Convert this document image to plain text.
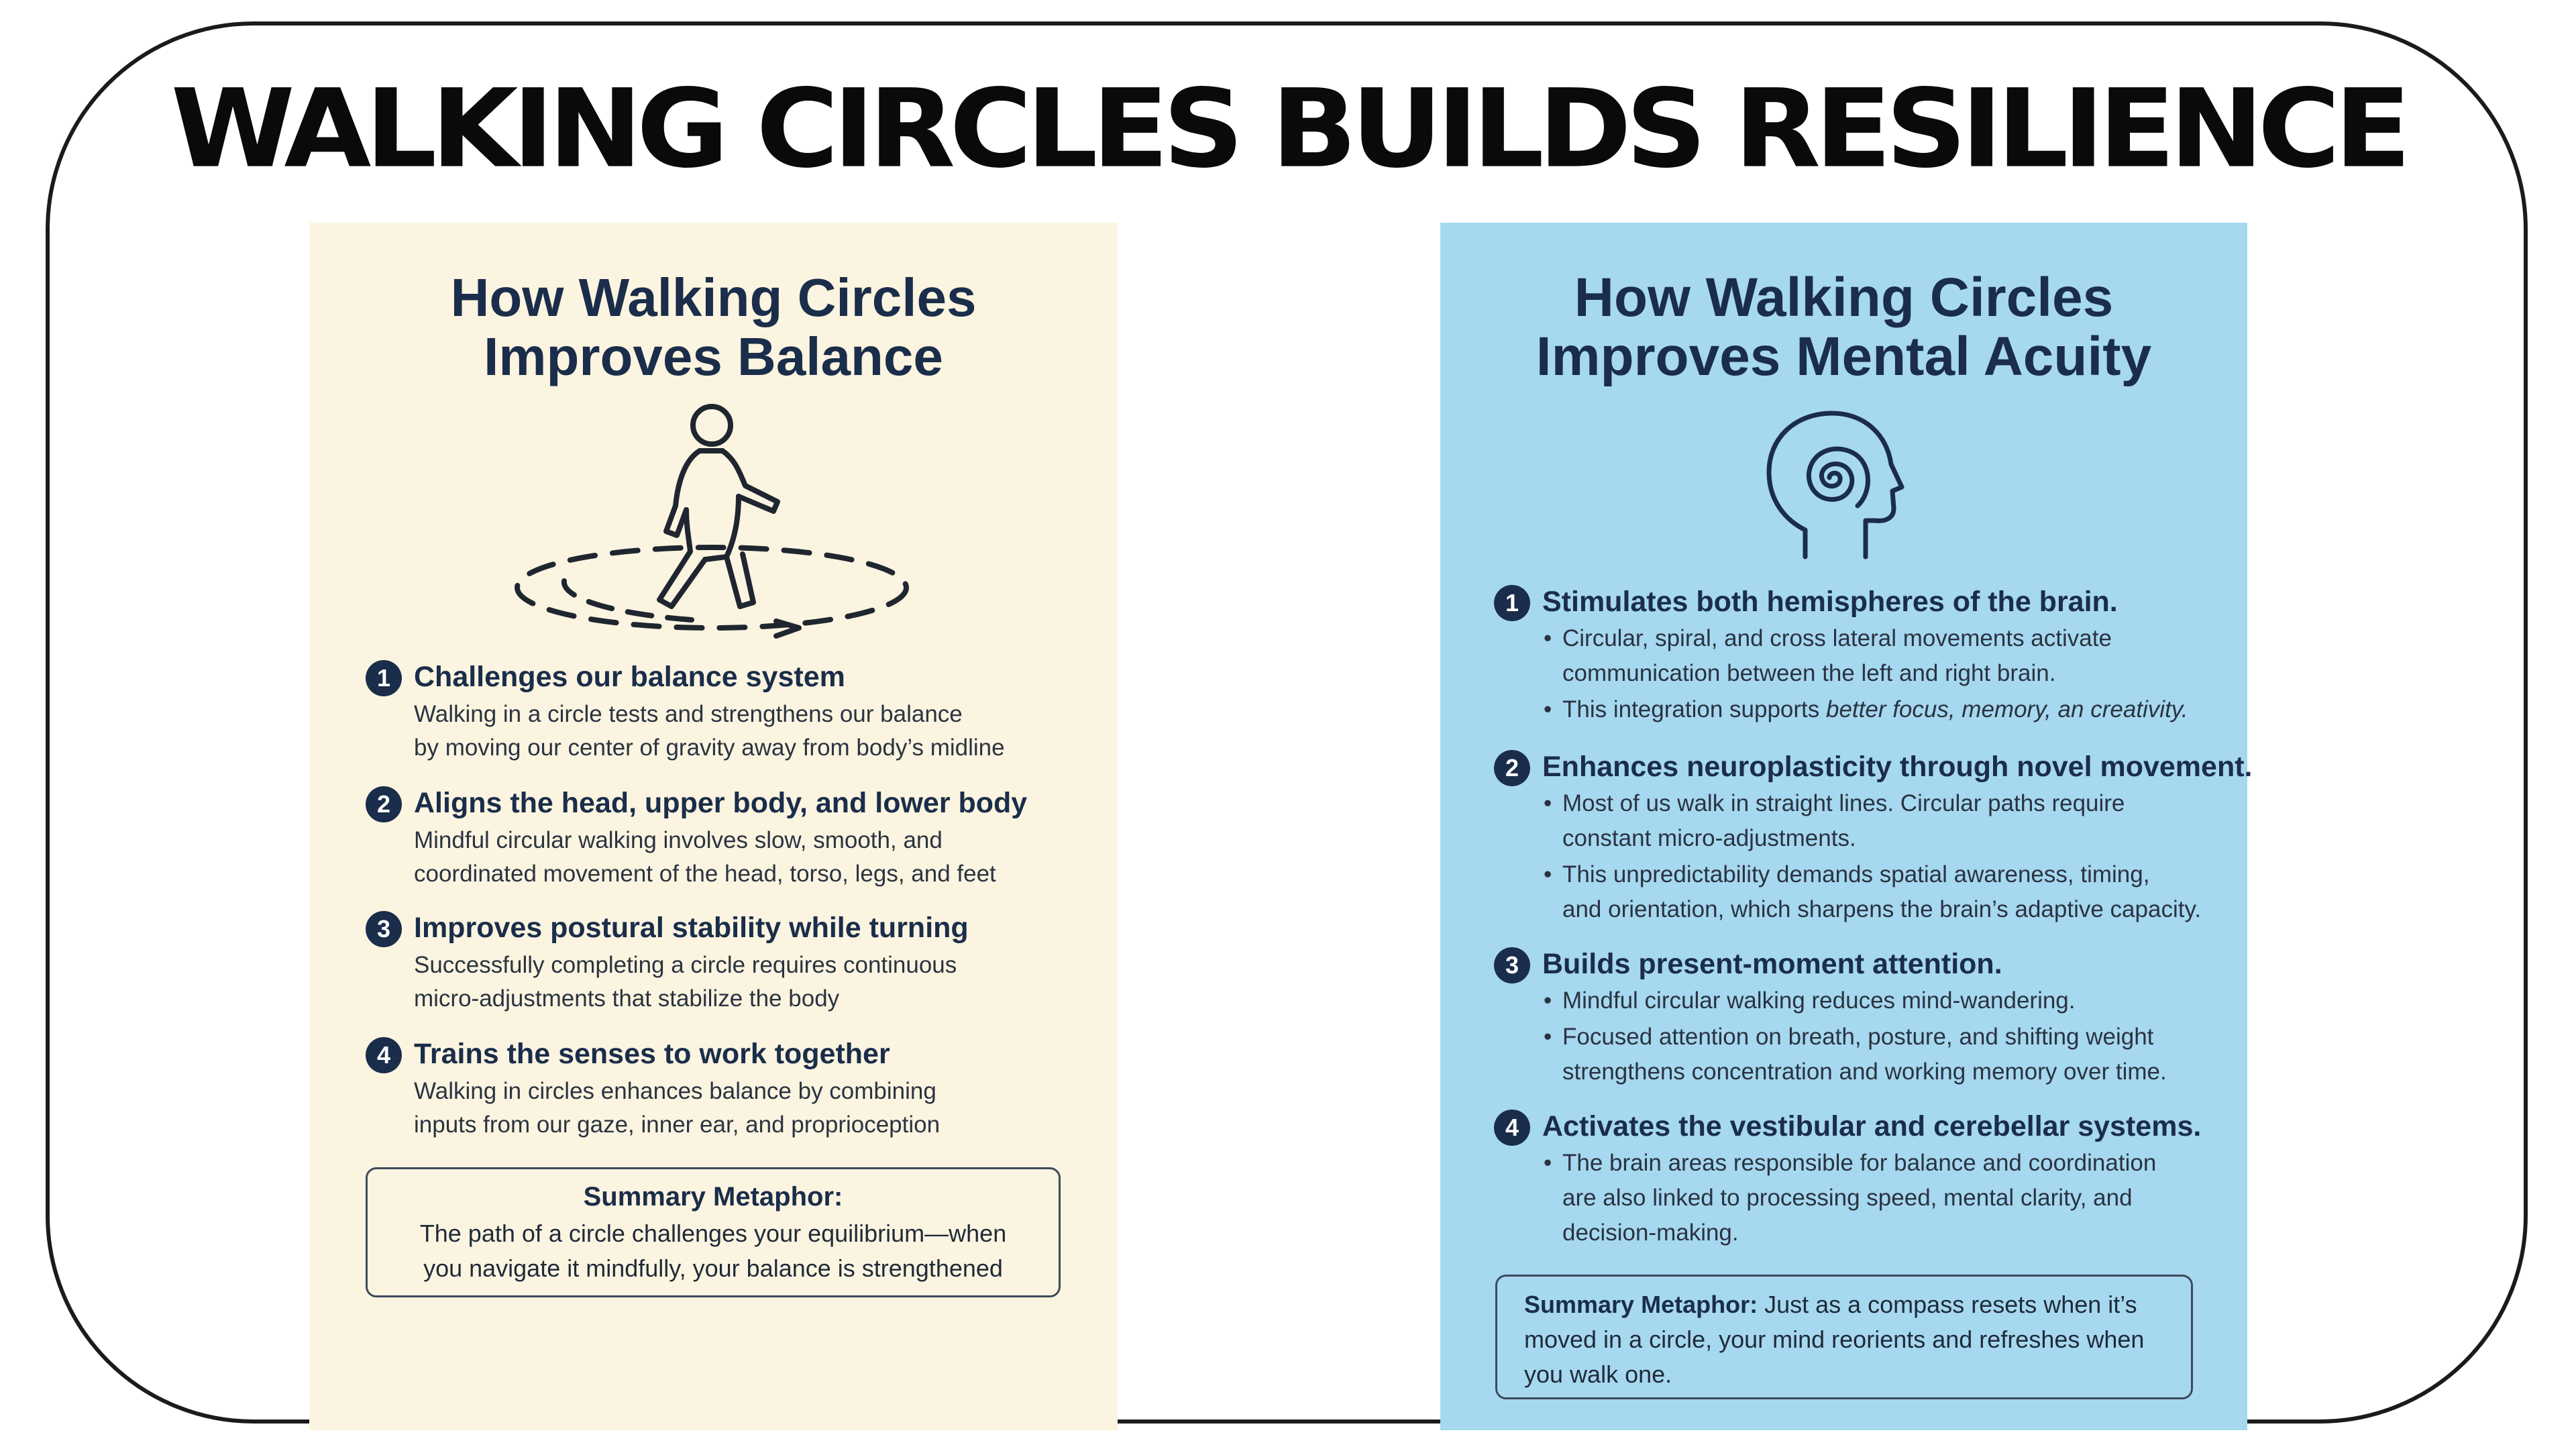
WALKING CIRCLES BUILDS RESILIENCE
How Walking Circles
Improves Balance
1 Challenges our balance system
Walking in a circle tests and strengthens our balance
by moving our center of gravity away from body’s midline
2 Aligns the head, upper body, and lower body
Mindful circular walking involves slow, smooth, and
coordinated movement of the head, torso, legs, and feet
3 Improves postural stability while turning
Successfully completing a circle requires continuous
micro-adjustments that stabilize the body
4 Trains the senses to work together
Walking in circles enhances balance by combining
inputs from our gaze, inner ear, and proprioception
Summary Metaphor:
The path of a circle challenges your equilibrium—when
you navigate it mindfully, your balance is strengthened
How Walking Circles
Improves Mental Acuity
1 Stimulates both hemispheres of the brain.
• Circular, spiral, and cross lateral movements activate
communication between the left and right brain.
• This integration supports better focus, memory, an creativity.
2 Enhances neuroplasticity through novel movement.
• Most of us walk in straight lines. Circular paths require
constant micro-adjustments.
• This unpredictability demands spatial awareness, timing,
and orientation, which sharpens the brain’s adaptive capacity.
3 Builds present-moment attention.
• Mindful circular walking reduces mind-wandering.
• Focused attention on breath, posture, and shifting weight
strengthens concentration and working memory over time.
4 Activates the vestibular and cerebellar systems.
• The brain areas responsible for balance and coordination
are also linked to processing speed, mental clarity, and
decision-making.
Summary Metaphor: Just as a compass resets when it’s
moved in a circle, your mind reorients and refreshes when
you walk one.
